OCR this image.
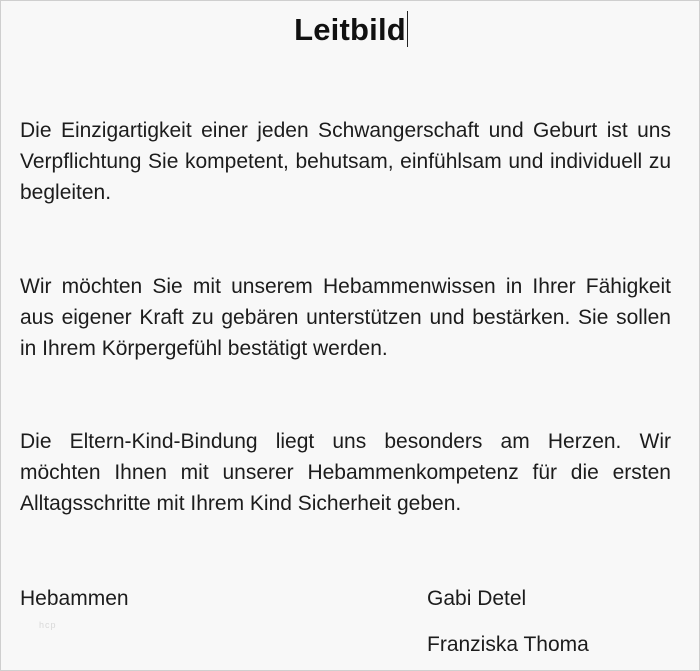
Leitbild

Die Einzigartigkeit einer jeden Schwangerschaft und Geburt ist uns Verpflichtung Sie kompetent, behutsam, einfühlsam und individuell zu begleiten.

Wir möchten Sie mit unserem Hebammenwissen in Ihrer Fähigkeit aus eigener Kraft zu gebären unterstützen und bestärken. Sie sollen in Ihrem Körpergefühl bestätigt werden.

Die Eltern-Kind-Bindung liegt uns besonders am Herzen. Wir möchten Ihnen mit unserer Hebammenkompetenz für die ersten Alltagsschritte mit Ihrem Kind Sicherheit geben.

Hebammen	Gabi Detel
Franziska Thoma
hcp
